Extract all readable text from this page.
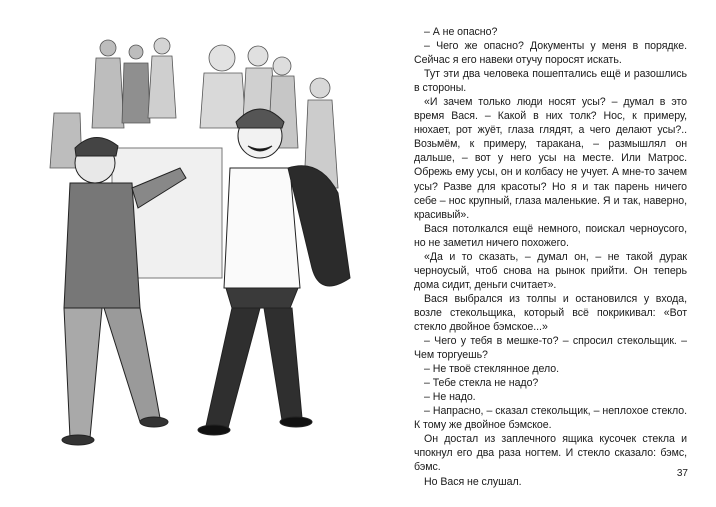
– А не опасно?

– Чего же опасно? Документы у меня в порядке. Сейчас я его навеки отучу поросят искать.

Тут эти два человека пошептались ещё и разошлись в стороны.

«И зачем только люди носят усы? – думал в это время Вася. – Какой в них толк? Нос, к примеру, нюхает, рот жуёт, глаза глядят, а чего делают усы?.. Возьмём, к примеру, таракана, – размышлял он дальше, – вот у него усы на месте. Или Матрос. Обрежь ему усы, он и колбасу не учует. А мне-то зачем усы? Разве для красоты? Но я и так парень ничего себе – нос крупный, глаза маленькие. Я и так, наверно, красивый».

Вася потолкался ещё немного, поискал черноусого, но не заметил ничего похожего.

«Да и то сказать, – думал он, – не такой дурак черноусый, чтоб снова на рынок прийти. Он теперь дома сидит, деньги считает».

Вася выбрался из толпы и остановился у входа, возле стекольщика, который всё покрикивал: «Вот стекло двойное бэмское...»

– Чего у тебя в мешке-то? – спросил стекольщик. – Чем торгуешь?

– Не твоё стеклянное дело.

– Тебе стекла не надо?

– Не надо.

– Напрасно, – сказал стекольщик, – неплохое стекло. К тому же двойное бэмское.

Он достал из заплечного ящика кусочек стекла и чпокнул его два раза ногтем. И стекло сказало: бэмс, бэмс.

Но Вася не слушал.

37
